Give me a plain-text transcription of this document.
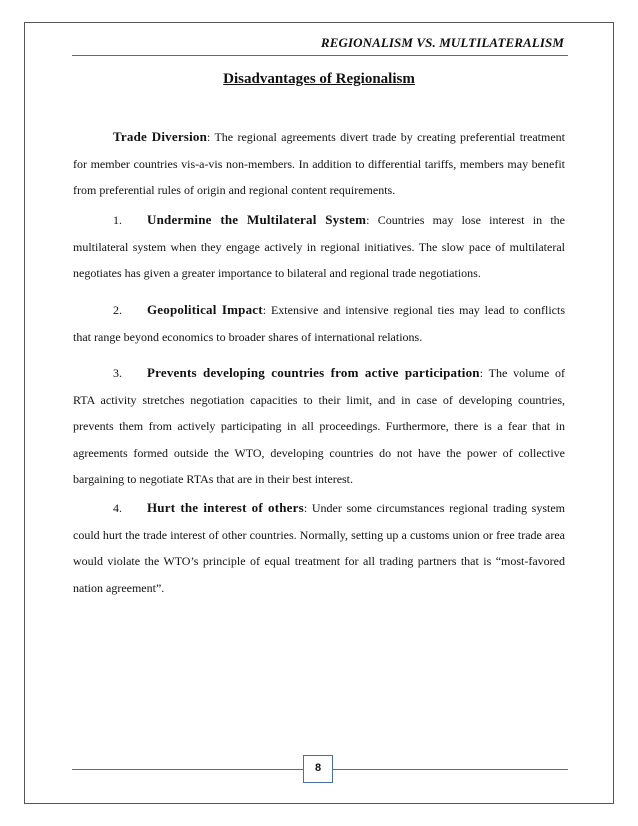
REGIONALISM VS. MULTILATERALISM
Disadvantages of Regionalism

Trade Diversion: The regional agreements divert trade by creating preferential treatment for member countries vis-a-vis non-members. In addition to differential tariffs, members may benefit from preferential rules of origin and regional content requirements.

1. Undermine the Multilateral System: Countries may lose interest in the multilateral system when they engage actively in regional initiatives. The slow pace of multilateral negotiates has given a greater importance to bilateral and regional trade negotiations.

2. Geopolitical Impact: Extensive and intensive regional ties may lead to conflicts that range beyond economics to broader shares of international relations.

3. Prevents developing countries from active participation: The volume of RTA activity stretches negotiation capacities to their limit, and in case of developing countries, prevents them from actively participating in all proceedings. Furthermore, there is a fear that in agreements formed outside the WTO, developing countries do not have the power of collective bargaining to negotiate RTAs that are in their best interest.

4. Hurt the interest of others: Under some circumstances regional trading system could hurt the trade interest of other countries. Normally, setting up a customs union or free trade area would violate the WTO’s principle of equal treatment for all trading partners that is “most-favored nation agreement”.

8
